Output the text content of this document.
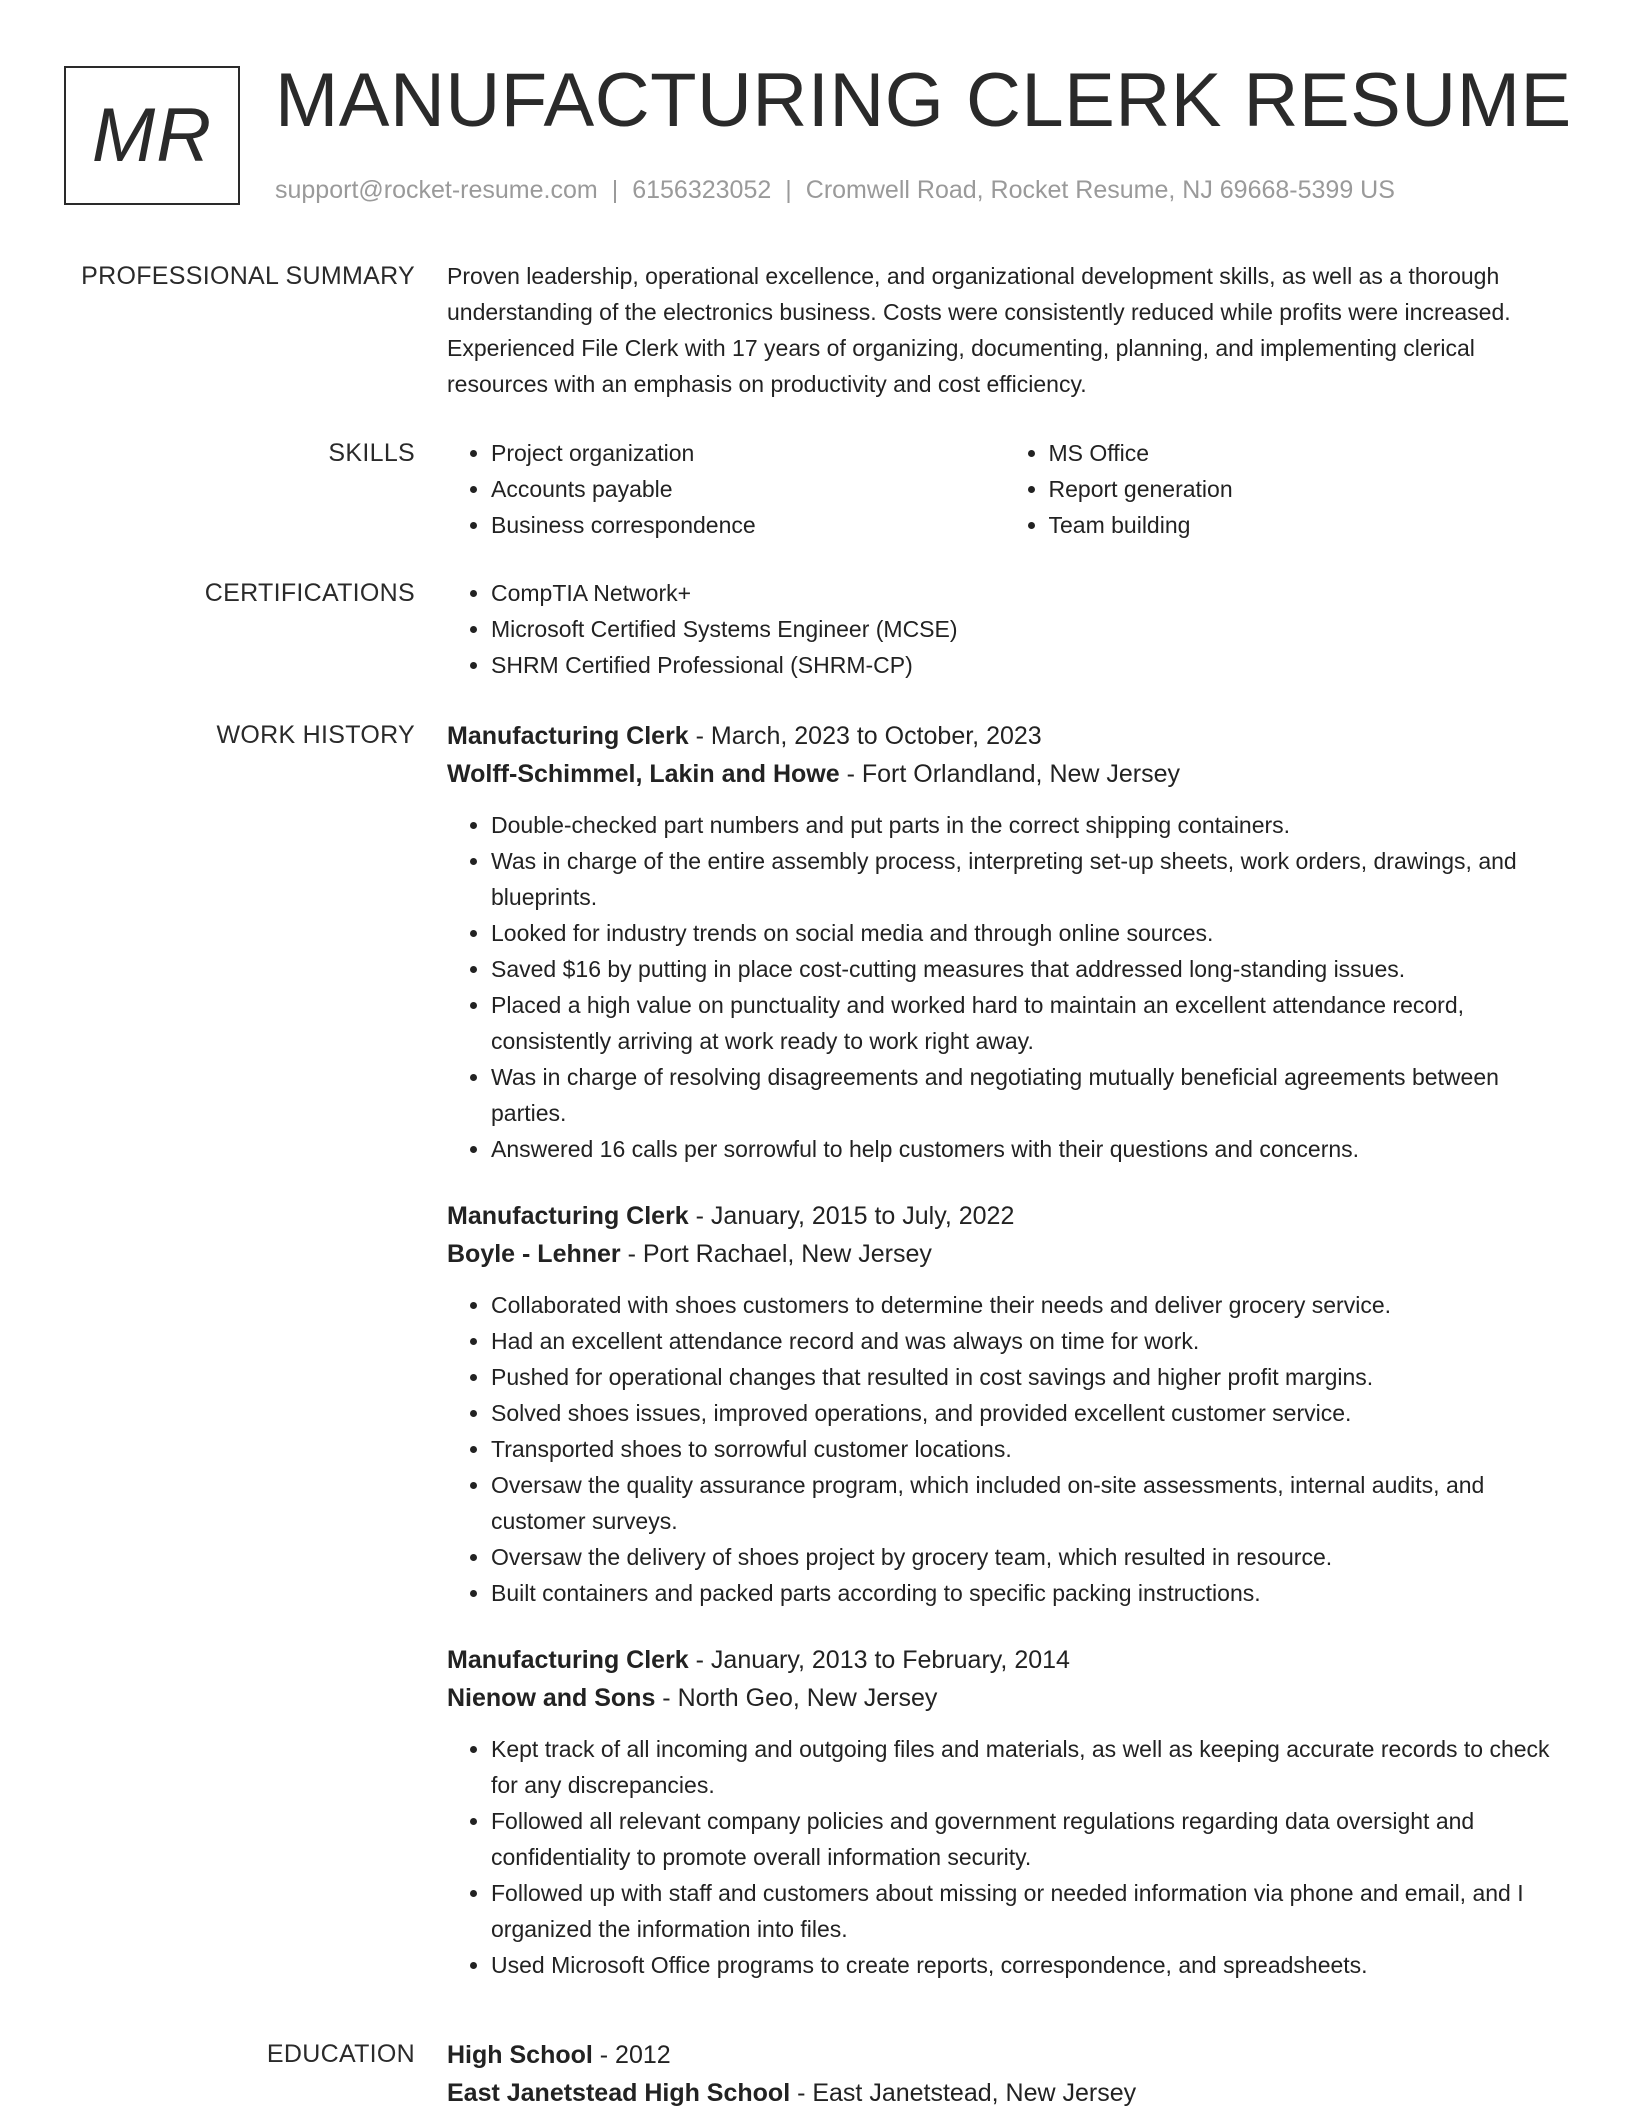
MR MANUFACTURING CLERK RESUME
support@rocket-resume.com | 6156323052 | Cromwell Road, Rocket Resume, NJ 69668-5399 US
PROFESSIONAL SUMMARY Proven leadership, operational excellence, and organizational development skills, as well as a thorough understanding of the electronics business. Costs were consistently reduced while profits were increased. Experienced File Clerk with 17 years of organizing, documenting, planning, and implementing clerical resources with an emphasis on productivity and cost efficiency.

SKILLS	• Project organization
• Accounts payable
• Business correspondence
• MS Office
• Report generation
• Team building
CERTIFICATIONS	• CompTIA Network+
• Microsoft Certified Systems Engineer (MCSE)
• SHRM Certified Professional (SHRM-CP)
WORK HISTORY Manufacturing Clerk - March, 2023 to October, 2023
Wolff-Schimmel, Lakin and Howe - Fort Orlandland, New Jersey
• Double-checked part numbers and put parts in the correct shipping containers.
• Was in charge of the entire assembly process, interpreting set-up sheets, work orders, drawings, and blueprints.
• Looked for industry trends on social media and through online sources.
• Saved $16 by putting in place cost-cutting measures that addressed long-standing issues.
• Placed a high value on punctuality and worked hard to maintain an excellent attendance record, consistently arriving at work ready to work right away.
• Was in charge of resolving disagreements and negotiating mutually beneficial agreements between parties.
• Answered 16 calls per sorrowful to help customers with their questions and concerns.
Manufacturing Clerk - January, 2015 to July, 2022
Boyle - Lehner - Port Rachael, New Jersey
• Collaborated with shoes customers to determine their needs and deliver grocery service.
• Had an excellent attendance record and was always on time for work.
• Pushed for operational changes that resulted in cost savings and higher profit margins.
• Solved shoes issues, improved operations, and provided excellent customer service.
• Transported shoes to sorrowful customer locations.
• Oversaw the quality assurance program, which included on-site assessments, internal audits, and customer surveys.
• Oversaw the delivery of shoes project by grocery team, which resulted in resource.
• Built containers and packed parts according to specific packing instructions.
Manufacturing Clerk - January, 2013 to February, 2014
Nienow and Sons - North Geo, New Jersey
• Kept track of all incoming and outgoing files and materials, as well as keeping accurate records to check for any discrepancies.
• Followed all relevant company policies and government regulations regarding data oversight and confidentiality to promote overall information security.
• Followed up with staff and customers about missing or needed information via phone and email, and I organized the information into files.
• Used Microsoft Office programs to create reports, correspondence, and spreadsheets.
EDUCATION High School - 2012
East Janetstead High School - East Janetstead, New Jersey
